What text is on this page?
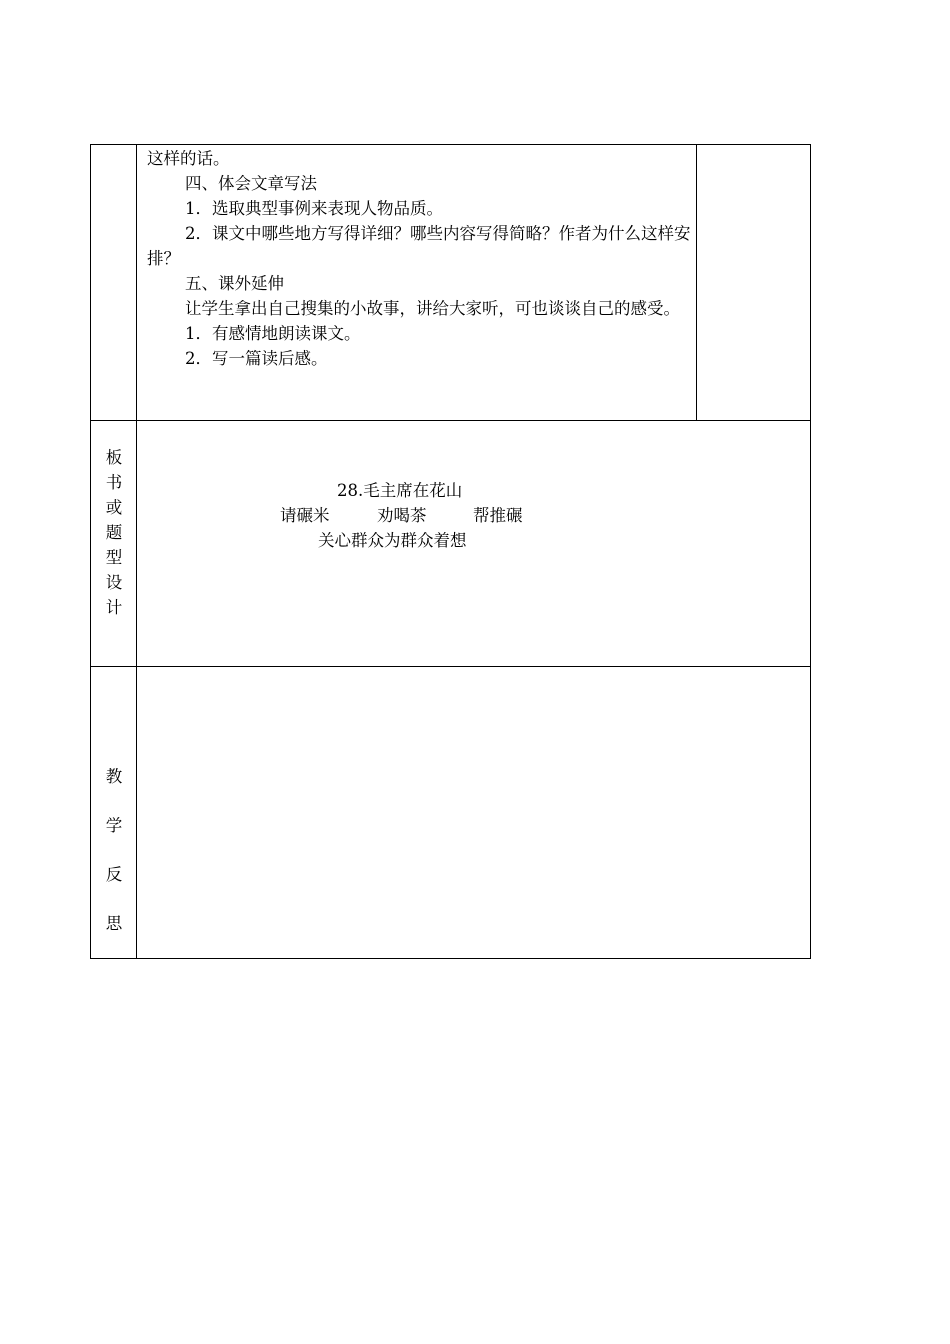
这样的话。

四、体会文章写法

1．选取典型事例来表现人物品质。

2．课文中哪些地方写得详细？哪些内容写得简略？作者为什么这样安排？

五、课外延伸

让学生拿出自己搜集的小故事，讲给大家听，可也谈谈自己的感受。

1．有感情地朗读课文。

2．写一篇读后感。

板
书
或
题
型
设
计
28.毛主席在花山
请碾米	劝喝茶	帮推碾
关心群众为群众着想
教
学
反
思
